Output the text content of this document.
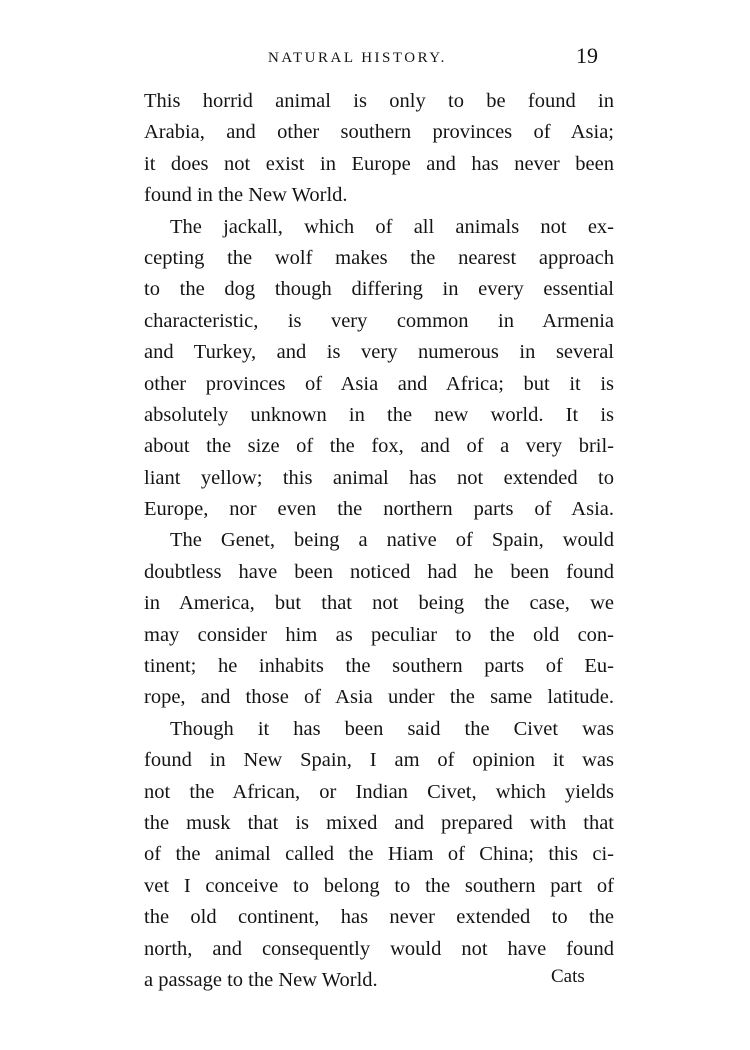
NATURAL HISTORY.	19

This horrid animal is only to be found in

Arabia, and other southern provinces of Asia;

it does not exist in Europe and has never been

found in the New World.

The jackall, which of all animals not ex-

cepting the wolf makes the nearest approach

to the dog though differing in every essential

characteristic, is very common in Armenia

and Turkey, and is very numerous in several

other provinces of Asia and Africa; but it is

absolutely unknown in the new world. It is

about the size of the fox, and of a very bril-

liant yellow; this animal has not extended to

Europe, nor even the northern parts of Asia.

The Genet, being a native of Spain, would

doubtless have been noticed had he been found

in America, but that not being the case, we

may consider him as peculiar to the old con-

tinent; he inhabits the southern parts of Eu-

rope, and those of Asia under the same latitude.

Though it has been said the Civet was

found in New Spain, I am of opinion it was

not the African, or Indian Civet, which yields

the musk that is mixed and prepared with that

of the animal called the Hiam of China; this ci-

vet I conceive to belong to the southern part of

the old continent, has never extended to the

north, and consequently would not have found

a passage to the New World.	Cats
